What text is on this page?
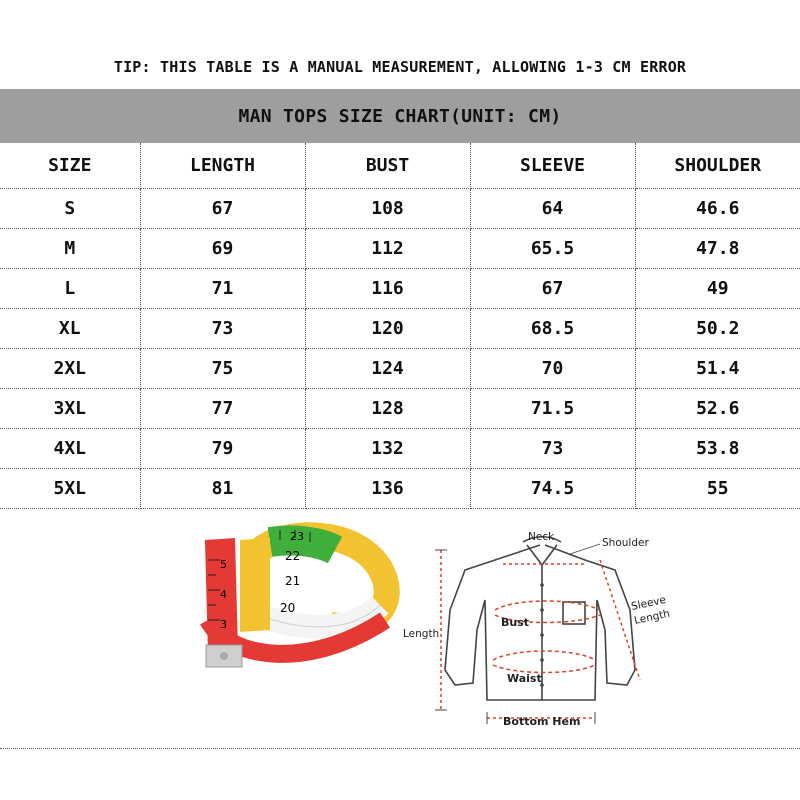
TIP: THIS TABLE IS A MANUAL MEASUREMENT, ALLOWING 1-3 CM ERROR
MAN TOPS SIZE CHART(UNIT: CM)
SIZE	LENGTH	BUST	SLEEVE	SHOULDER
S	67	108	64	46.6
M	69	112	65.5	47.8
L	71	116	67	49
XL	73	120	68.5	50.2
2XL	75	124	70	51.4
3XL	77	128	71.5	52.6
4XL	79	132	73	53.8
5XL	81	136	74.5	55
5
4
3
22
21
20
23	Neck	Shoulder
Sleeve
Length
Length
Bust
Waist
Bottom Hem
